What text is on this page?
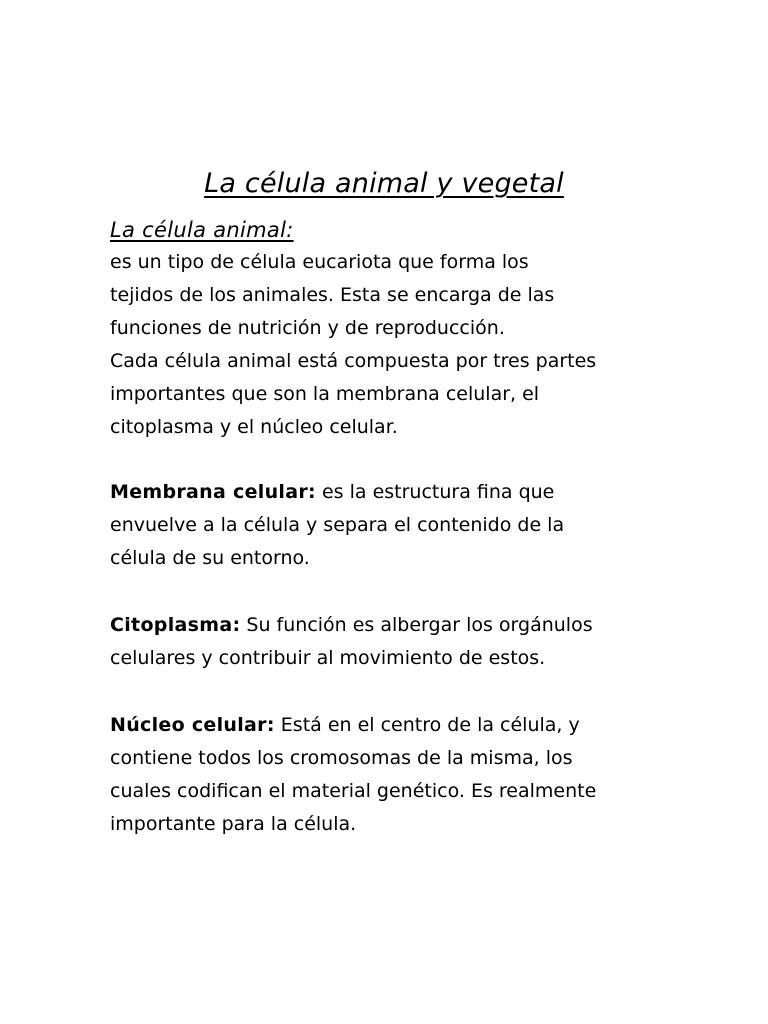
La célula animal y vegetal
La célula animal:
es un tipo de célula eucariota que forma los
tejidos de los animales. Esta se encarga de las
funciones de nutrición y de reproducción.
Cada célula animal está compuesta por tres partes
importantes que son la membrana celular, el
citoplasma y el núcleo celular.
Membrana celular: es la estructura fina que
envuelve a la célula y separa el contenido de la
célula de su entorno.
Citoplasma: Su función es albergar los orgánulos
celulares y contribuir al movimiento de estos.
Núcleo celular: Está en el centro de la célula, y
contiene todos los cromosomas de la misma, los
cuales codifican el material genético. Es realmente
importante para la célula.
